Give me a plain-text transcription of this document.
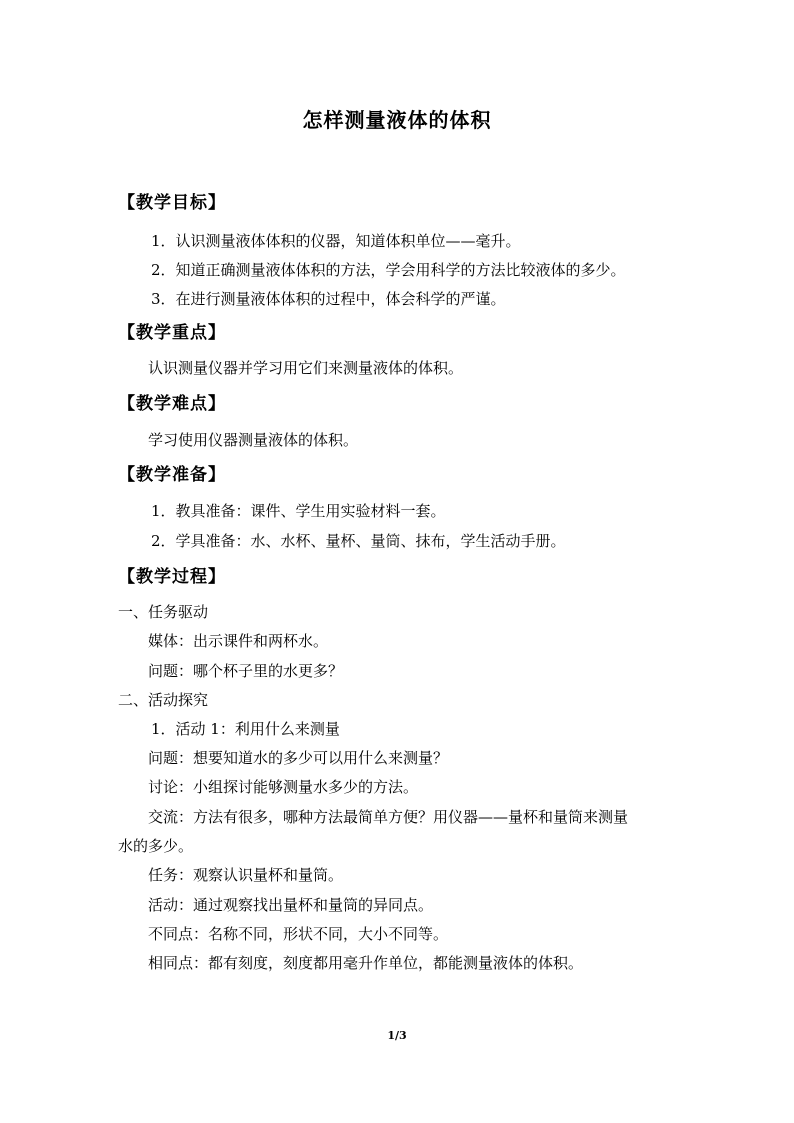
怎样测量液体的体积
【教学目标】
1．认识测量液体体积的仪器，知道体积单位——毫升。
2．知道正确测量液体体积的方法，学会用科学的方法比较液体的多少。
3．在进行测量液体体积的过程中，体会科学的严谨。
【教学重点】
认识测量仪器并学习用它们来测量液体的体积。
【教学难点】
学习使用仪器测量液体的体积。
【教学准备】
1．教具准备：课件、学生用实验材料一套。
2．学具准备：水、水杯、量杯、量筒、抹布，学生活动手册。
【教学过程】
一、任务驱动
媒体：出示课件和两杯水。
问题：哪个杯子里的水更多？
二、活动探究
1．活动 1：利用什么来测量
问题：想要知道水的多少可以用什么来测量？
讨论：小组探讨能够测量水多少的方法。
交流：方法有很多，哪种方法最简单方便？用仪器——量杯和量筒来测量
水的多少。
任务：观察认识量杯和量筒。
活动：通过观察找出量杯和量筒的异同点。
不同点：名称不同，形状不同，大小不同等。
相同点：都有刻度，刻度都用毫升作单位，都能测量液体的体积。
1/3
